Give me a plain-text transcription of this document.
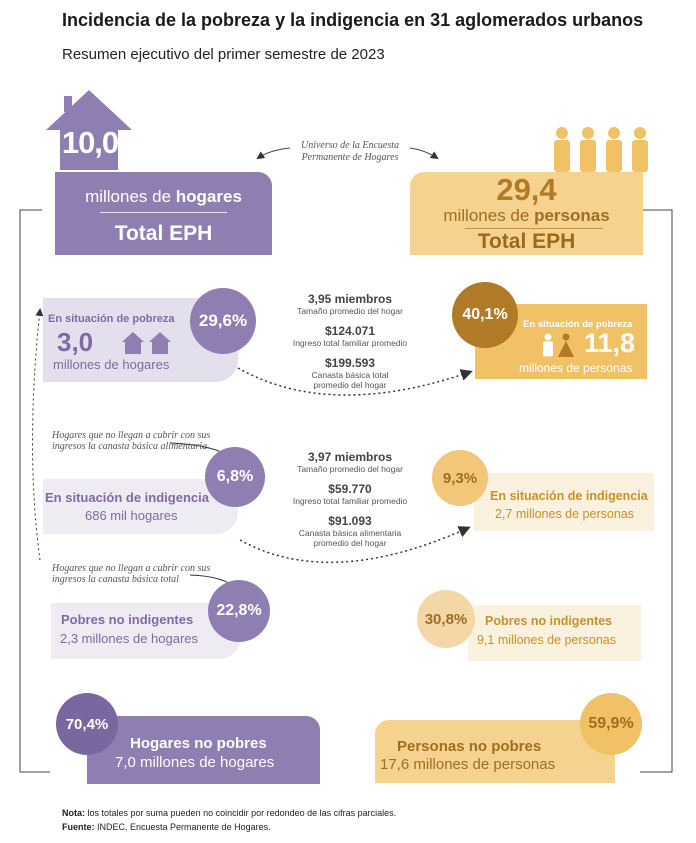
Incidencia de la pobreza y la indigencia en 31 aglomerados urbanos
Resumen ejecutivo del primer semestre de 2023
10,0
millones de hogares
Total EPH
Universo de la Encuesta Permanente de Hogares
29,4
millones de personas
Total EPH
En situación de pobreza
3,0
millones de hogares
29,6%
3,95 miembros
Tamaño promedio del hogar
$124.071
Ingreso total familiar promedio
$199.593
Canasta básica total
promedio del hogar
40,1%
En situación de pobreza
11,8
millones de personas
Hogares que no llegan a cubrir con sus ingresos la canasta básica alimentaria
6,8%
En situación de indigencia
686 mil hogares
3,97 miembros
Tamaño promedio del hogar
$59.770
Ingreso total familiar promedio
$91.093
Canasta básica alimentaria
promedio del hogar
9,3%
En situación de indigencia
2,7 millones de personas
Hogares que no llegan a cubrir con sus ingresos la canasta básica total
22,8%
Pobres no indigentes
2,3 millones de hogares
30,8%	Pobres no indigentes
9,1 millones de personas
70,4%
Hogares no pobres
7,0 millones de hogares
59,9%
Personas no pobres
17,6 millones de personas
Nota: los totales por suma pueden no coincidir por redondeo de las cifras parciales.
Fuente: INDEC, Encuesta Permanente de Hogares.
